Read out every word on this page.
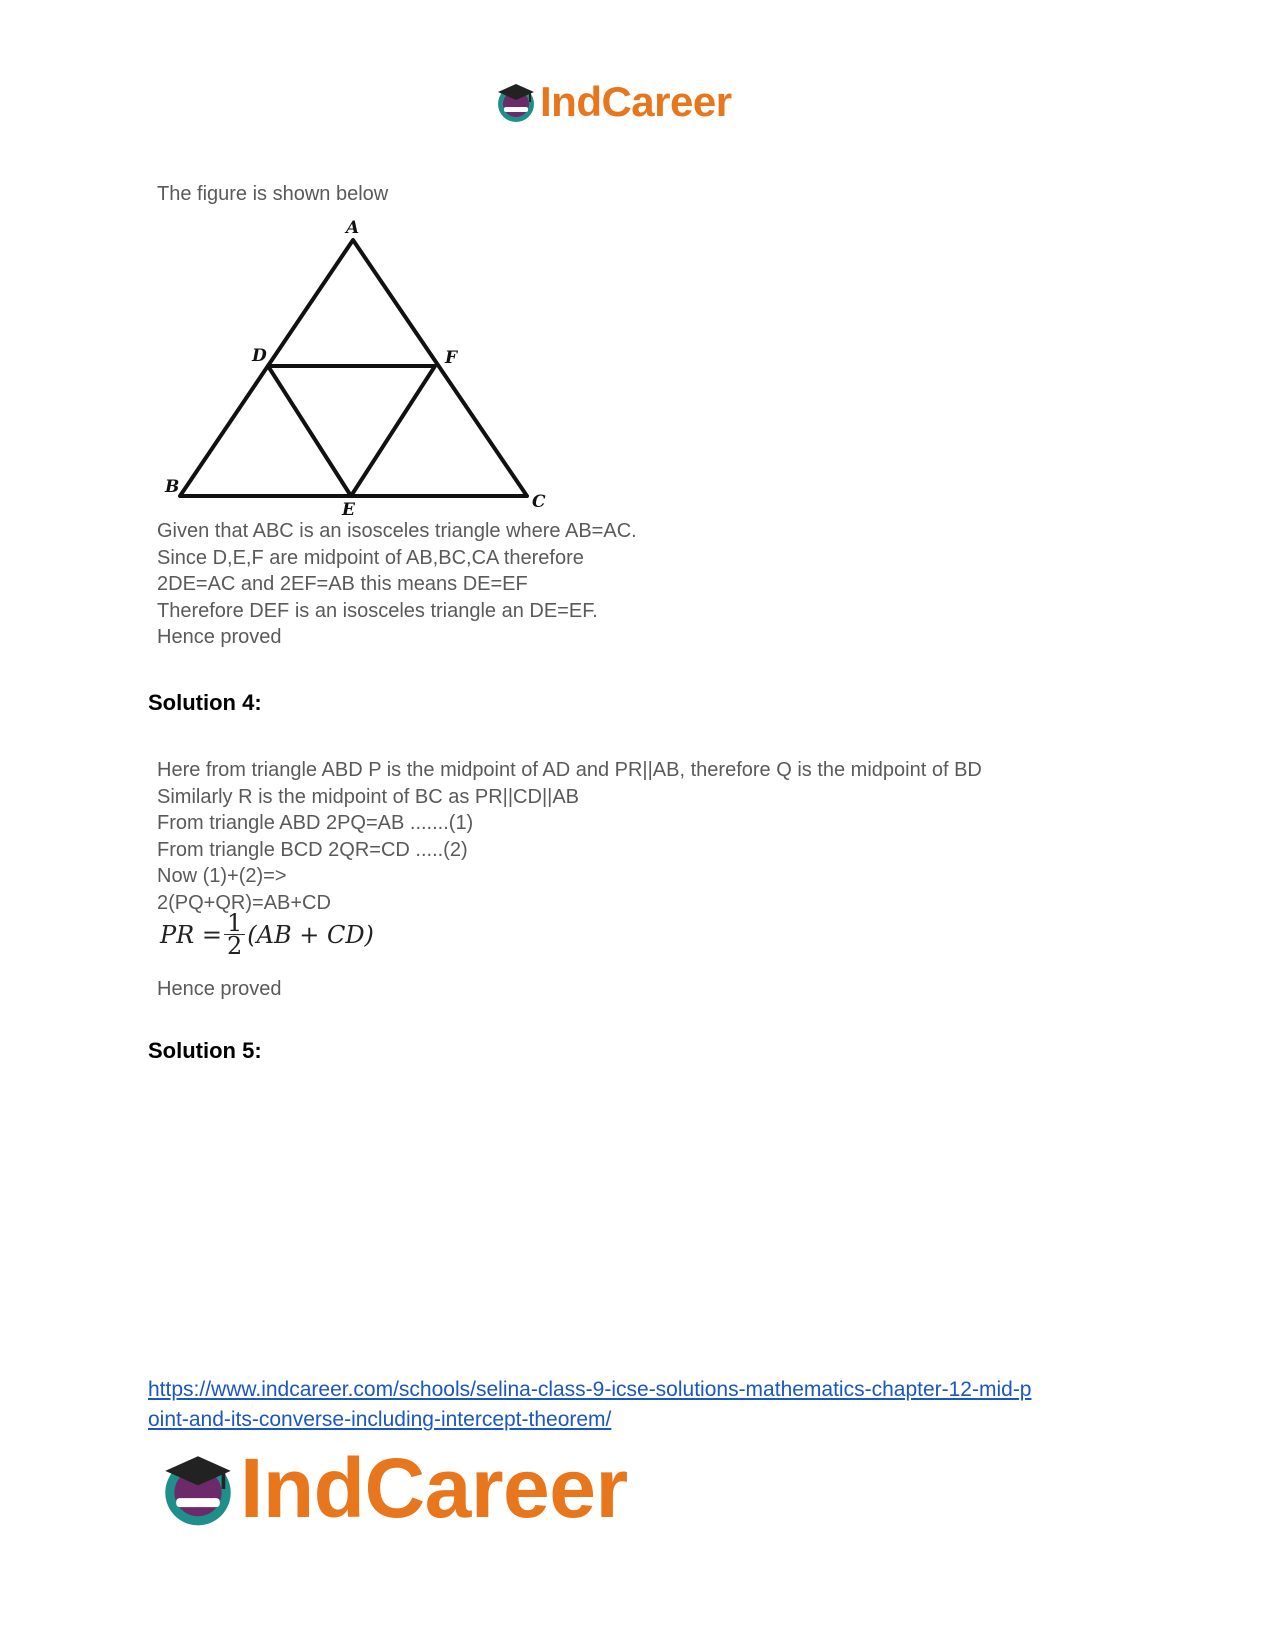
IndCareer
The figure is shown below
A
D	F
B
E	C
Given that ABC is an isosceles triangle where AB=AC.
Since D,E,F are midpoint of AB,BC,CA therefore
2DE=AC and 2EF=AB this means DE=EF
Therefore DEF is an isosceles triangle an DE=EF.
Hence proved
Solution 4:
Here from triangle ABD P is the midpoint of AD and PR||AB, therefore Q is the midpoint of BD
Similarly R is the midpoint of BC as PR||CD||AB
From triangle ABD 2PQ=AB .......(1)
From triangle BCD 2QR=CD .....(2)
Now (1)+(2)=>
2(PQ+QR)=AB+CD
PR = $\frac{1}{2} (AB + CD)$
Hence proved
Solution 5:
https://www.indcareer.com/schools/selina-class-9-icse-solutions-mathematics-chapter-12-mid-p
oint-and-its-converse-including-intercept-theorem/
IndCareer
